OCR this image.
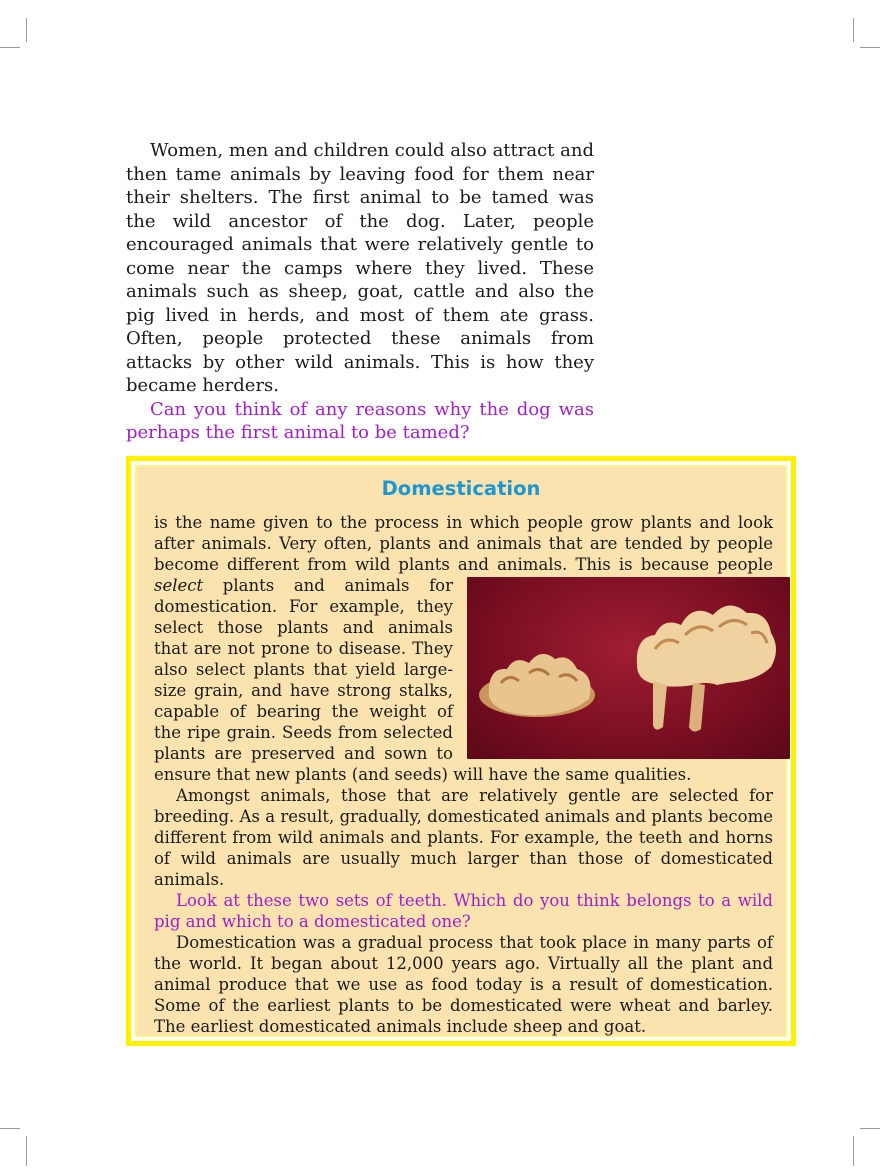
Women, men and children could also attract and then tame animals by leaving food for them near their shelters. The first animal to be tamed was the wild ancestor of the dog. Later, people encouraged animals that were relatively gentle to come near the camps where they lived. These animals such as sheep, goat, cattle and also the pig lived in herds, and most of them ate grass. Often, people protected these animals from attacks by other wild animals. This is how they became herders.

Can you think of any reasons why the dog was perhaps the first animal to be tamed?

Domestication

is the name given to the process in which people grow plants and look after animals. Very often, plants and animals that are tended by people become different from wild plants and animals. This is because people select plants and animals for domestication. For example, they select those plants and animals that are not prone to disease. They also select plants that yield large-size grain, and have strong stalks, capable of bearing the weight of the ripe grain. Seeds from selected plants are preserved and sown to ensure that new plants (and seeds) will have the same qualities.

Amongst animals, those that are relatively gentle are selected for breeding. As a result, gradually, domesticated animals and plants become different from wild animals and plants. For example, the teeth and horns of wild animals are usually much larger than those of domesticated animals.

Look at these two sets of teeth. Which do you think belongs to a wild pig and which to a domesticated one?

Domestication was a gradual process that took place in many parts of the world. It began about 12,000 years ago. Virtually all the plant and animal produce that we use as food today is a result of domestication. Some of the earliest plants to be domesticated were wheat and barley. The earliest domesticated animals include sheep and goat.
